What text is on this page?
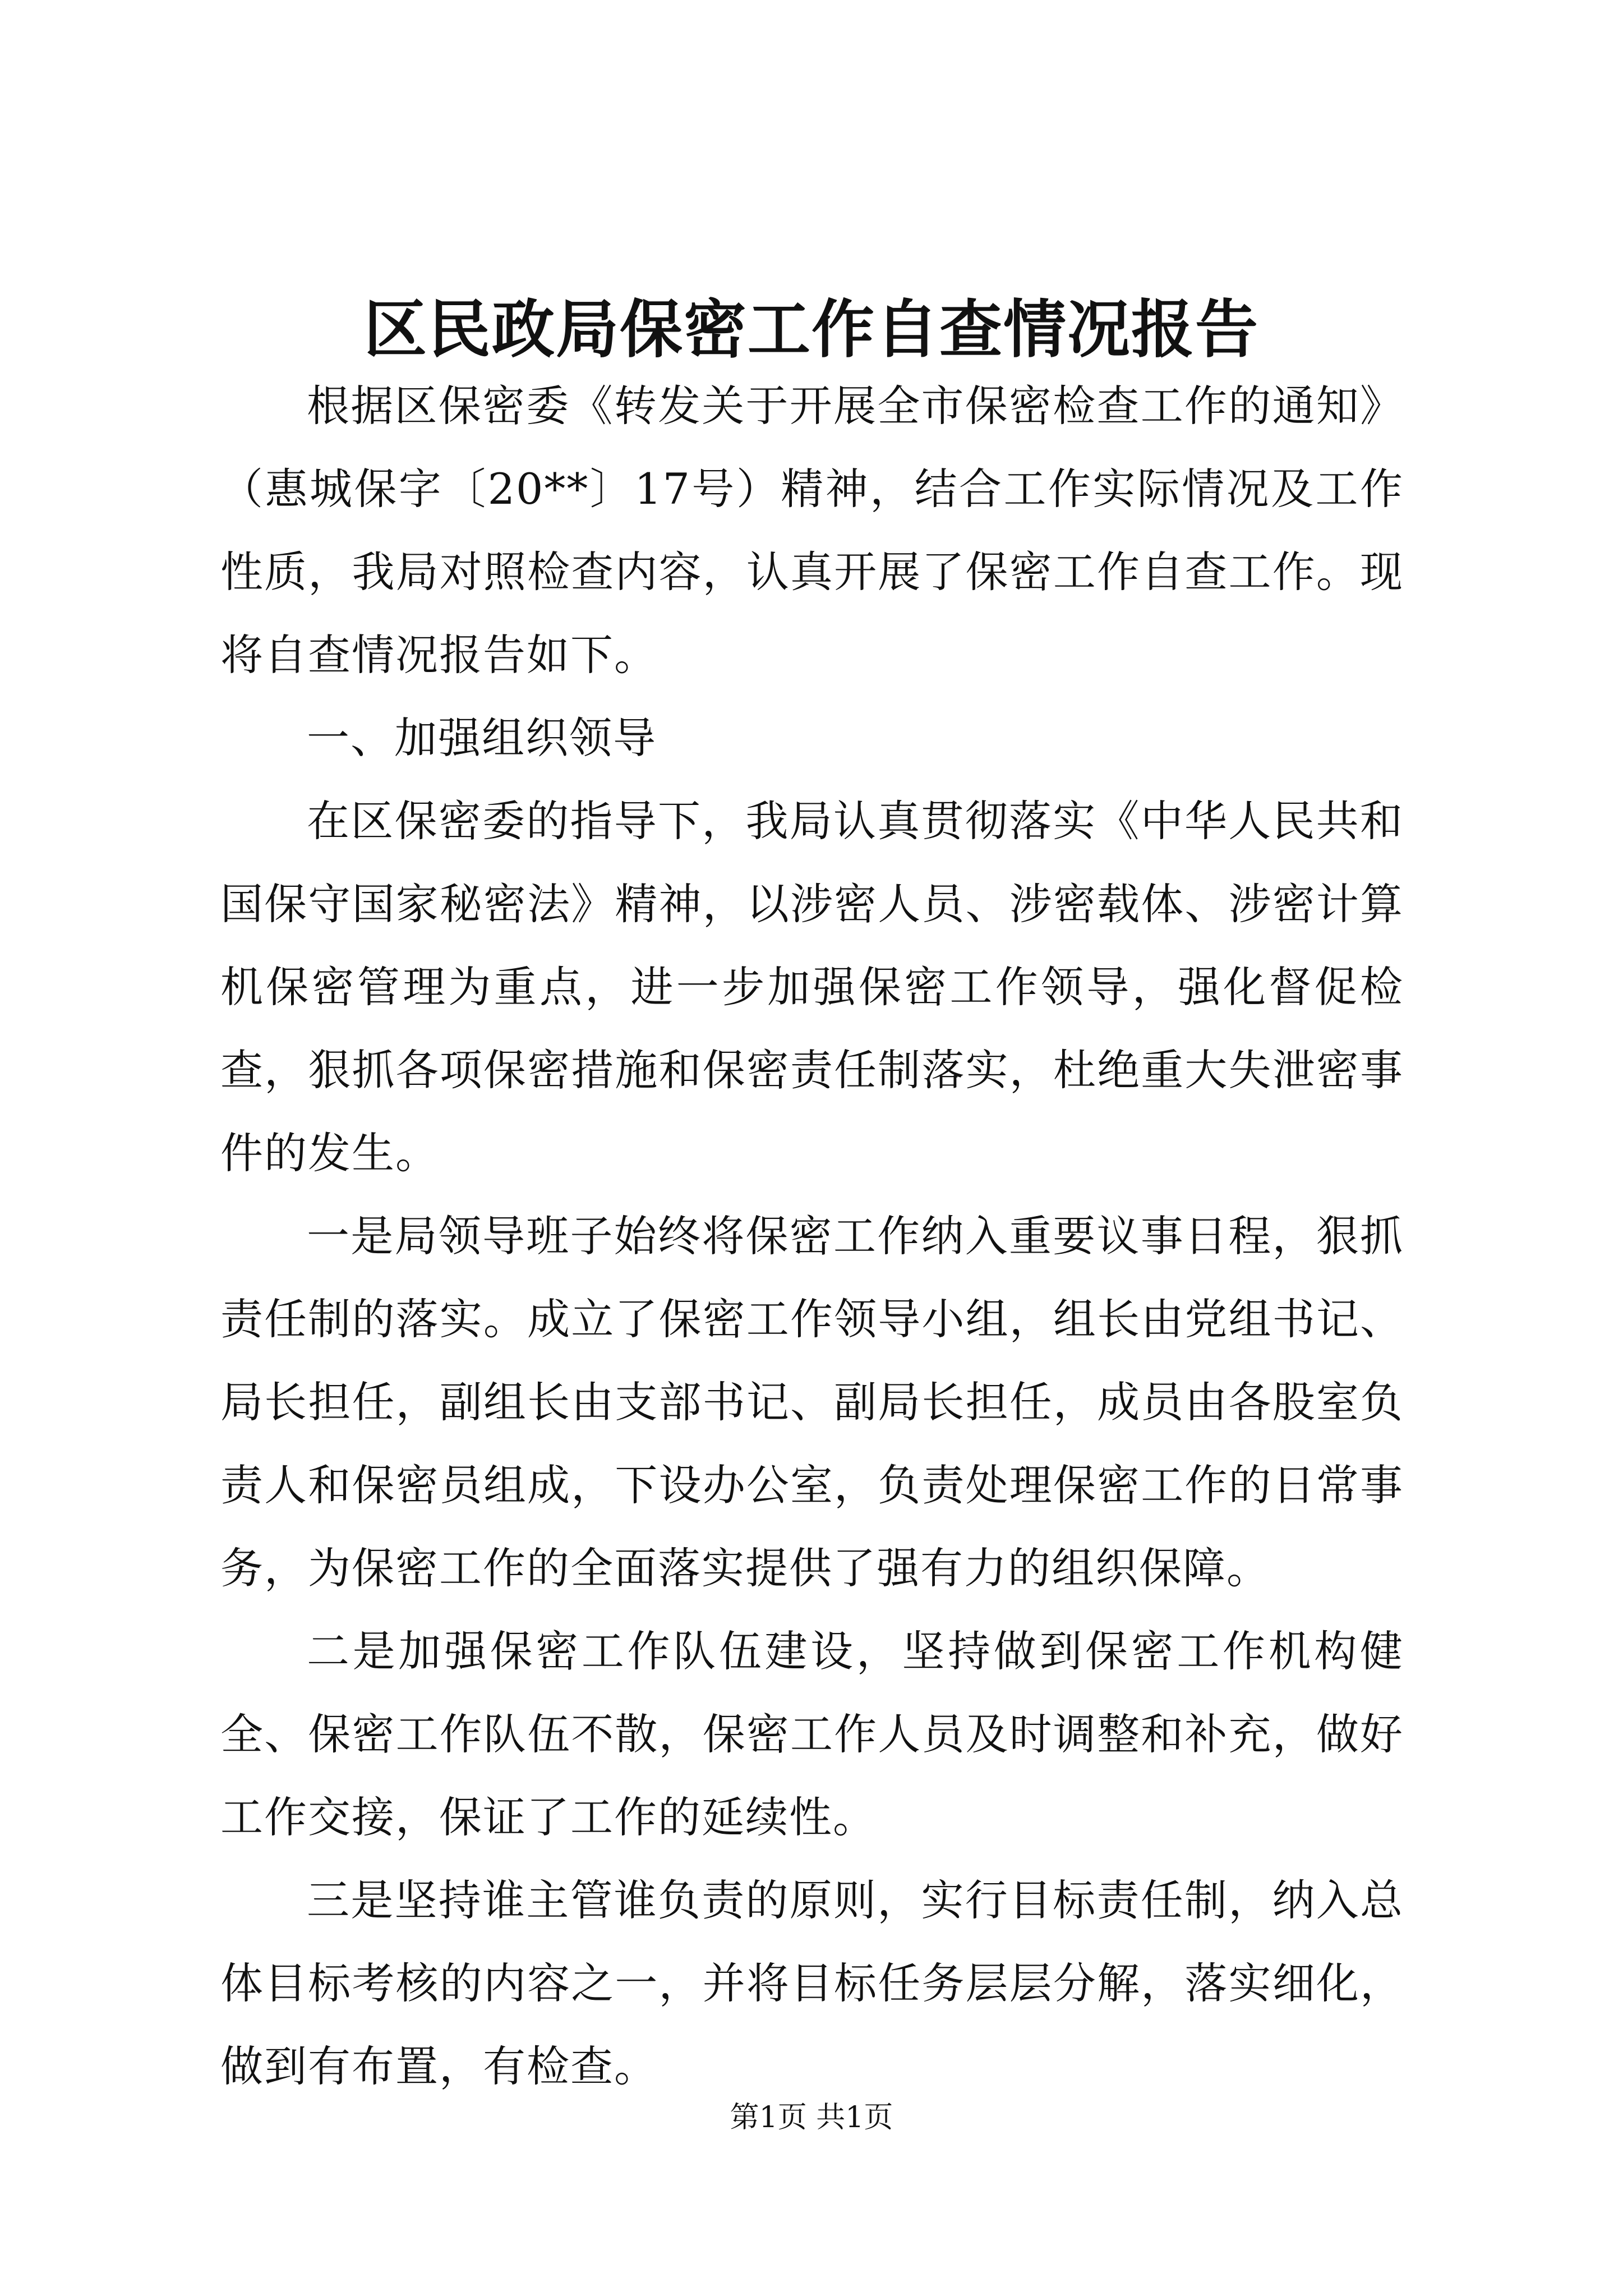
区民政局保密工作自查情况报告

根据区保密委《转发关于开展全市保密检查工作的通知》（惠城保字〔20**〕17号）精神，结合工作实际情况及工作性质，我局对照检查内容，认真开展了保密工作自查工作。现将自查情况报告如下。

一、加强组织领导

在区保密委的指导下，我局认真贯彻落实《中华人民共和国保守国家秘密法》精神，以涉密人员、涉密载体、涉密计算机保密管理为重点，进一步加强保密工作领导，强化督促检查，狠抓各项保密措施和保密责任制落实，杜绝重大失泄密事件的发生。

一是局领导班子始终将保密工作纳入重要议事日程，狠抓责任制的落实。成立了保密工作领导小组，组长由党组书记、局长担任，副组长由支部书记、副局长担任，成员由各股室负责人和保密员组成，下设办公室，负责处理保密工作的日常事务，为保密工作的全面落实提供了强有力的组织保障。

二是加强保密工作队伍建设，坚持做到保密工作机构健全、保密工作队伍不散，保密工作人员及时调整和补充，做好工作交接，保证了工作的延续性。

三是坚持谁主管谁负责的原则，实行目标责任制，纳入总体目标考核的内容之一，并将目标任务层层分解，落实细化，做到有布置，有检查。

第1页 共1页
